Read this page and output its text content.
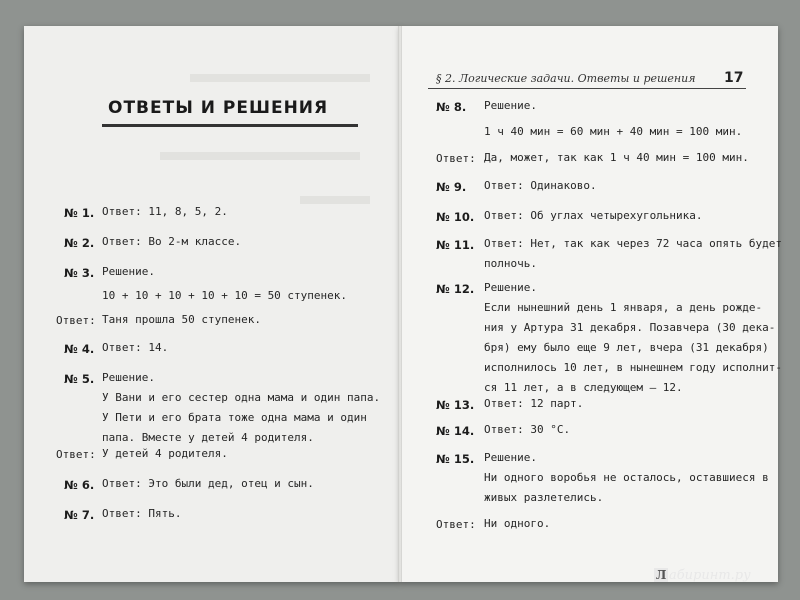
ОТВЕТЫ И РЕШЕНИЯ
№ 1. Ответ: 11, 8, 5, 2.
№ 2. Ответ: Во 2-м классе.
№ 3. Решение.
10 + 10 + 10 + 10 + 10 = 50 ступенек.
Ответ: Таня прошла 50 ступенек.
№ 4. Ответ: 14.
№ 5. Решение.
У Вани и его сестер одна мама и один папа.
У Пети и его брата тоже одна мама и один
папа. Вместе у детей 4 родителя.
Ответ: У детей 4 родителя.
№ 6. Ответ: Это были дед, отец и сын.
№ 7. Ответ: Пять.
§ 2. Логические задачи. Ответы и решения 17
№ 8. Решение.
1 ч 40 мин = 60 мин + 40 мин = 100 мин.
Ответ: Да, может, так как 1 ч 40 мин = 100 мин.
№ 9. Ответ: Одинаково.
№ 10. Ответ: Об углах четырехугольника.
№ 11. Ответ: Нет, так как через 72 часа опять будет
полночь.
№ 12. Решение.
Если нынешний день 1 января, а день рожде-
ния у Артура 31 декабря. Позавчера (30 дека-
бря) ему было еще 9 лет, вчера (31 декабря)
исполнилось 10 лет, в нынешнем году исполнит-
ся 11 лет, а в следующем — 12.
№ 13. Ответ: 12 парт.
№ 14. Ответ: 30 °С.
№ 15. Решение.
Ни одного воробья не осталось, оставшиеся в
живых разлетелись.
Ответ: Ни одного.
Л абиринт.ру
